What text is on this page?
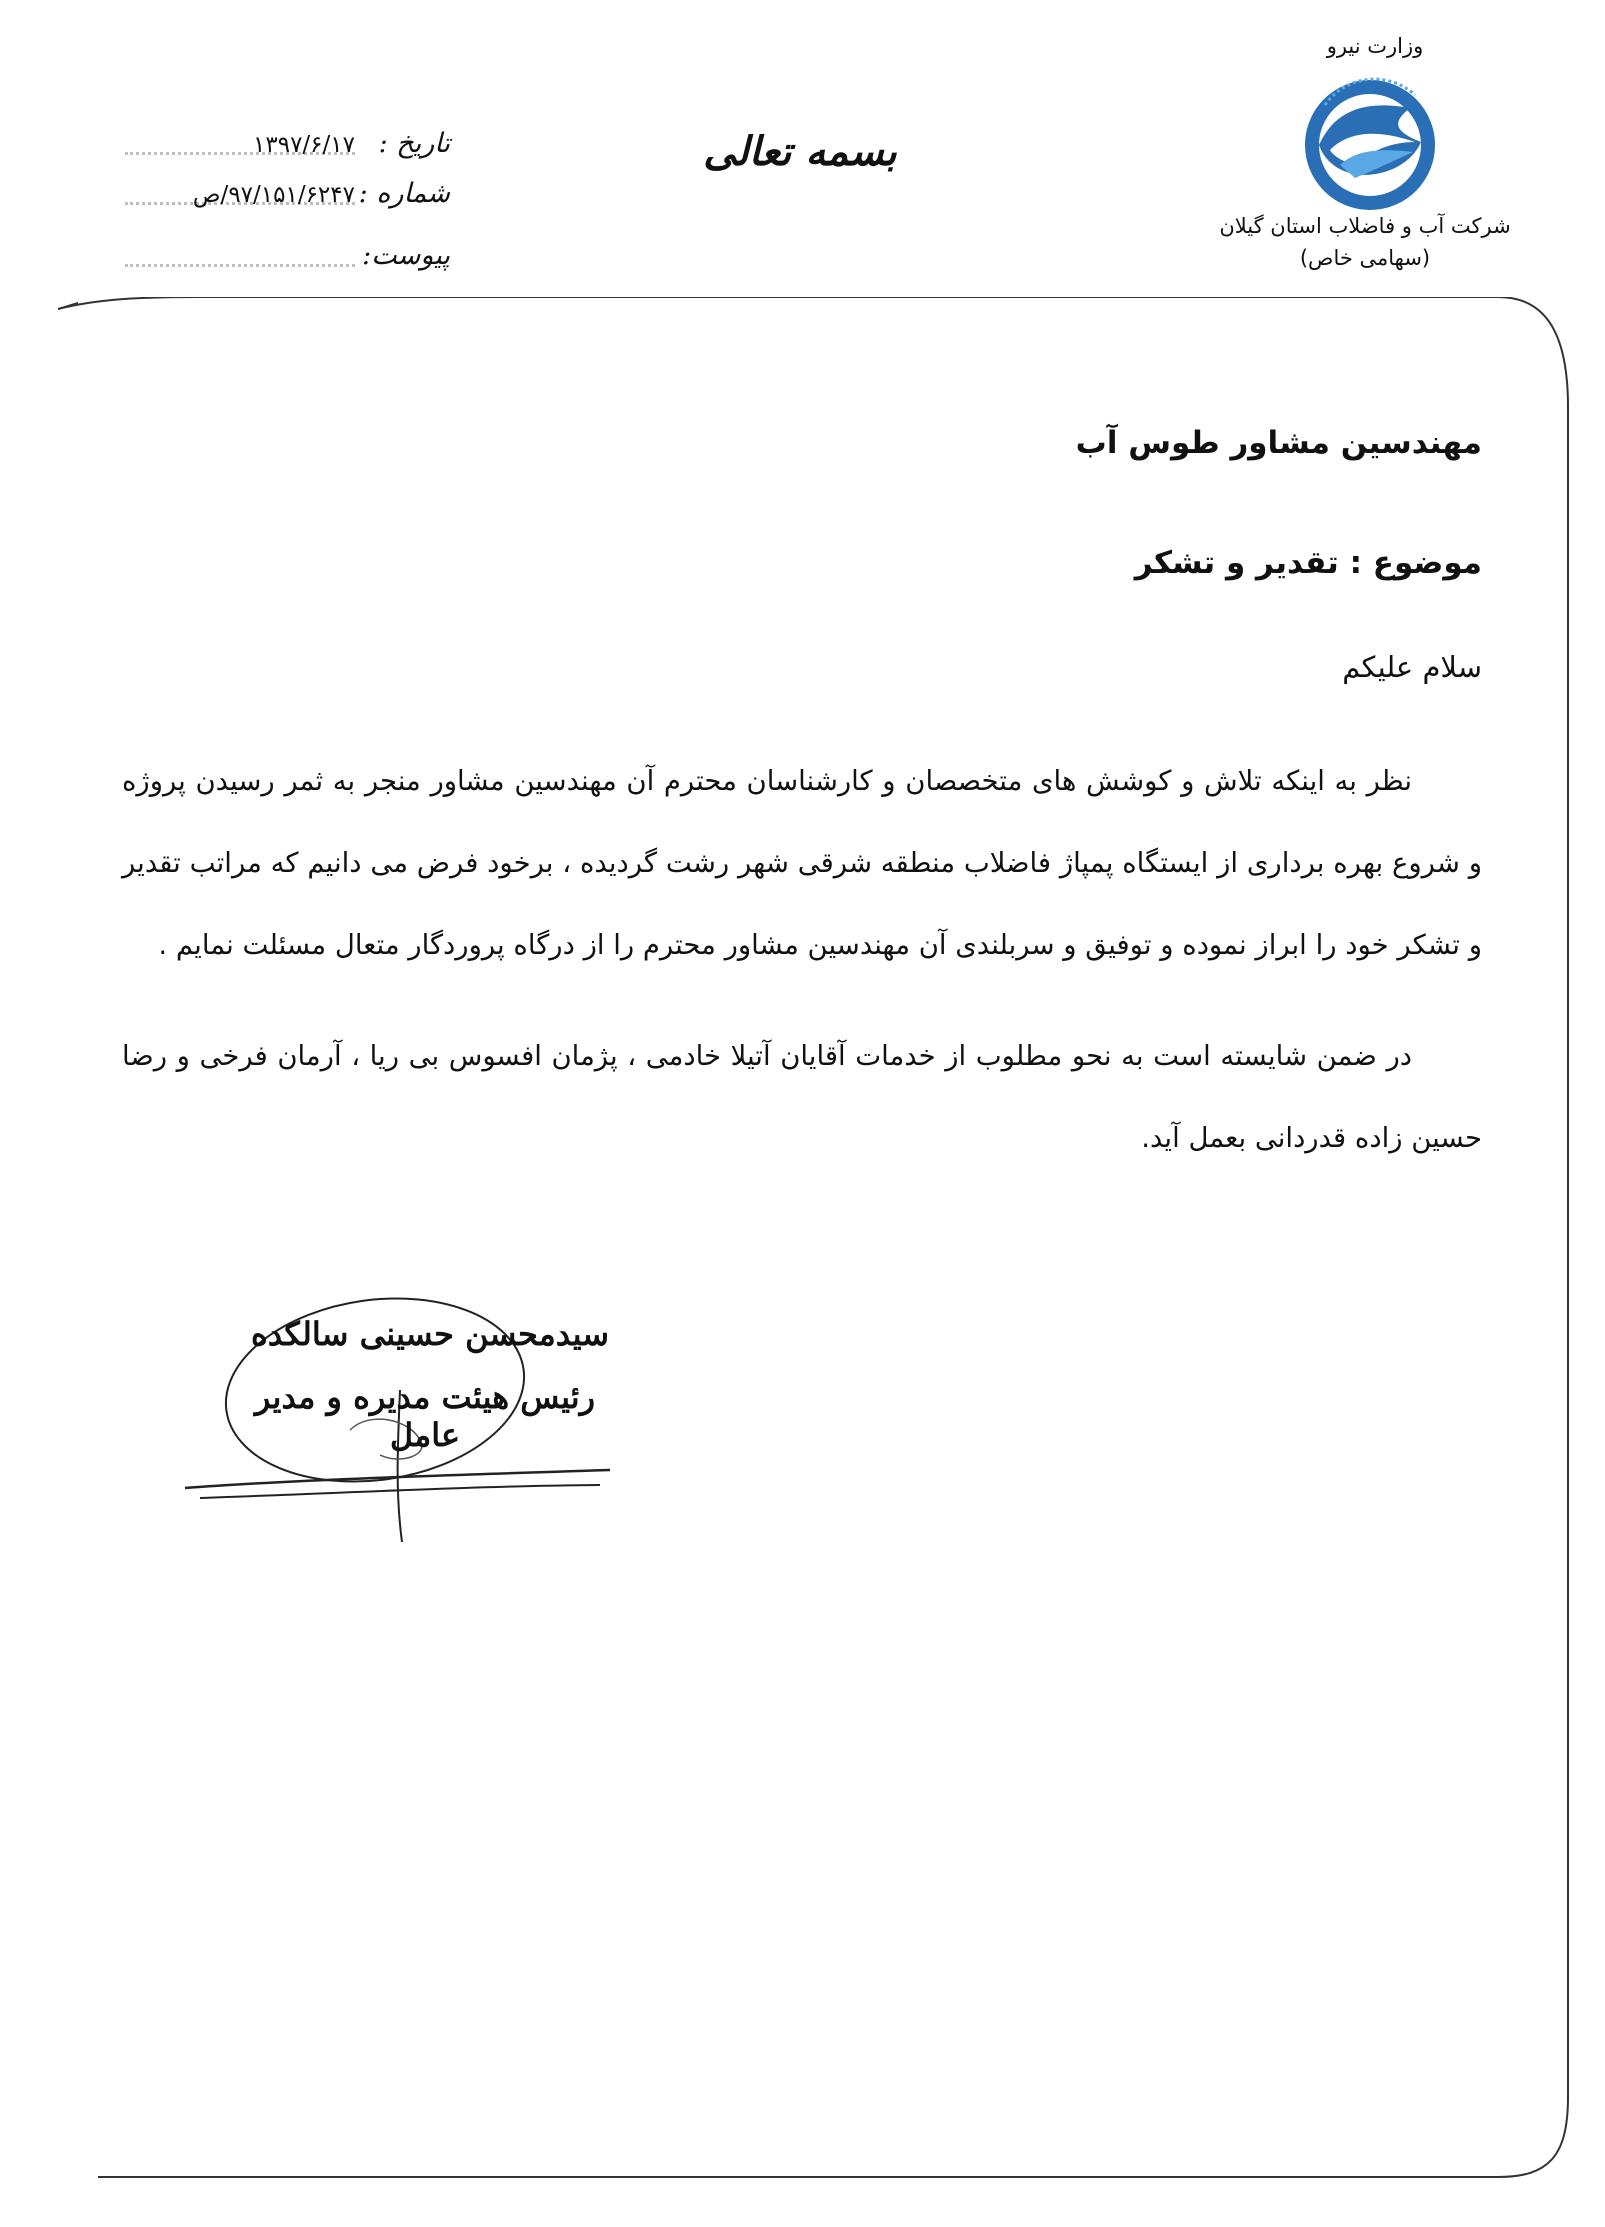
وزارت نیرو
شرکت آب و فاضلاب استان گیلان
(سهامی خاص)
بسمه تعالی
تاریخ :
۱۳۹۷/۶/۱۷
شماره :
۹۷/۱۵۱/۶۲۴۷/ص
پیوست:
مهندسین مشاور طوس آب
موضوع : تقدیر و تشکر
سلام علیکم
نظر به اینکه تلاش و کوشش های متخصصان و کارشناسان محترم آن مهندسین مشاور منجر به ثمر رسیدن پروژه و شروع بهره برداری از ایستگاه پمپاژ فاضلاب منطقه شرقی شهر رشت گردیده ، برخود فرض می دانیم که مراتب تقدیر و تشکر خود را ابراز نموده و توفیق و سربلندی آن مهندسین مشاور محترم را از درگاه پروردگار متعال مسئلت نمایم .
در ضمن شایسته است به نحو مطلوب از خدمات آقایان آتیلا خادمی ، پژمان افسوس بی ریا ، آرمان فرخی و رضا حسین زاده قدردانی بعمل آید.
سیدمحسن حسینی سالکده
رئیس هیئت مدیره و مدیر عامل
